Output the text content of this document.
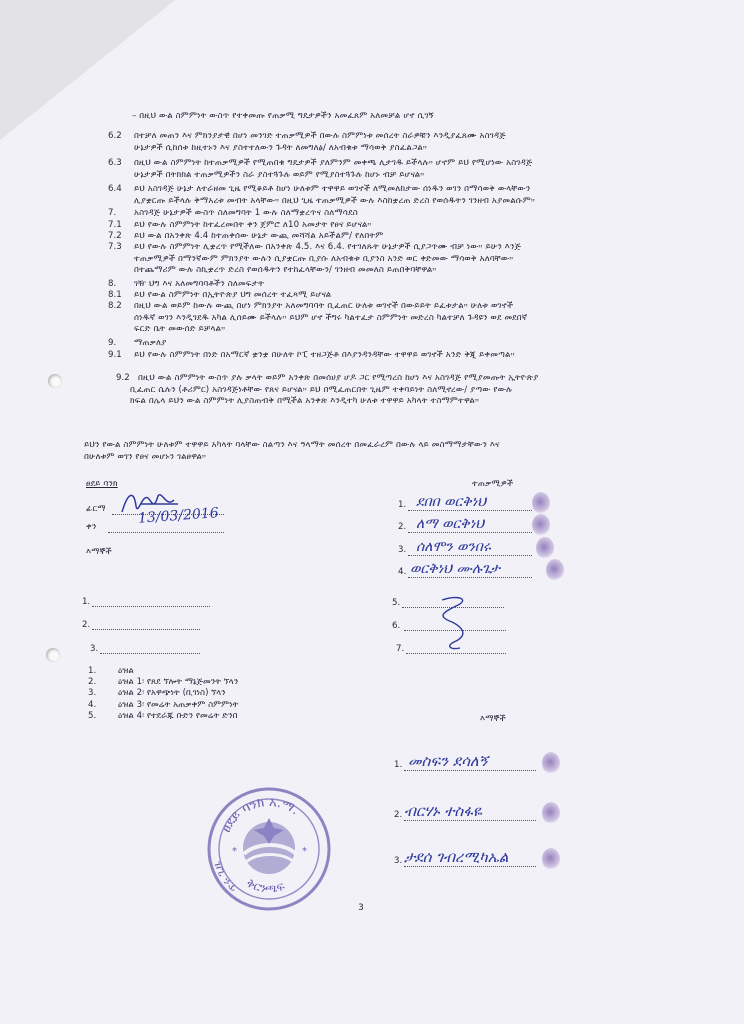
– በዚህ ውል ስምምነት ውስጥ የተቀመጡ የጠቃሚ ግዴታዎችን አመፈጸም አለመቻል ሆኖ ሲገኝ
6.2 በተቻለ መጠን እና ምክንያታዊ በሆነ መንገድ ተጠቃሚዎች በውሉ ስምምነቱ መሰረት ስራዎቹን እንዲያፈጸሙ አስገዳጅ
ሁኔታዎች ሲከሰቱ ከዚተኑን እና ያስተተለውን ጉዳት ለመግለፅ/ ለአብቁቱ ማሳወቅ ያስፈልጋል።
6.3 በዚህ ውል ስምምነት ከተጠቃሚዎች የሚጠበቁ ግዴታዎች ያለምንም መቀጫ ሊታገዱ ይችላሉ። ሆኖም ይህ የሚሆነው አስገዳጅ
ሁኔታዎች በትክክል ተጠቃሚዎችን ስራ ያስተጓጉሉ ወይም የሚያስተጓጉሉ ከሆኑ ብቻ ይሆናል።
6.4 ይህ አስገዳጅ ሁኔታ ለተራዘመ ጊዜ የሚቆይቶ ከሆነ ሁለቱም ተዋዋይ ወገኖች ለሚመለከታው ሰነዱን ወገን በማሳወቅ ውላቸውን
ሊያቋርጡ ይችላሉ ቅማአረቱ መብት አላቸው። በዚህ ጊዜ ተጠቃሚዎች ውሉ እስከቋረጠ ድረስ የወሰዱትን ገንዘብ አያመልሱም።
7. አስገዳጅ ሁኔታዎች ውስጥ ስለመግባት 1 ውሉ ስለማቋረጥና ስለማሳደስ
7.1 ይህ የውሉ ስምምነት ከተፈረመበት ቀን ጀምሮ ለ10 አመታት የፀና ይሆናል።
7.2 ይህ ውል በአንቀጽ 4.4 ከተጠቀሰው ሁኔታ ውጪ መሻሻል አይችልም/ የለበትም
7.3 ይህ የውሉ ስምምነት ሊቋረጥ የሚችለው በአንቀጽ 4.5. እና 6.4. የተገለጹት ሁኔታዎች ሲያጋጥሙ ብቻ ነው። ይሁን እንጅ
ተጠቃሚዎች በማንኛውም ምክንያት ውሉን ሲያቋርጡ ቢያሱ ለአብቁቱ ቢያንስ አንድ ወር ቀድመው ማሳወቅ አለባቸው።
በተጨማሪም ውሉ ስኪቋረጥ ድረስ የወሰዱትን የተከፈላቸውን/ ገንዘብ መመለስ ይጠበቅባቸዋል።
8. ገዥ ህግ እና አለመግባባቶችን ስለመፍታት
8.1 ይህ የውል ስምምነት በኢትዮጵያ ህግ መሰረት ተፈጻሚ ይሆናል
8.2 በዚህ ውል ወይም ከውሉ ውጪ በሆነ ምክንያት አለመግባባት ቢፈጠር ሁለቱ ወገኖች በውይይት ይፈቱታል። ሁለቱ ወገኖች
ሰነዱኛ ወገን እንዲገደዱ አካል ሊሰይሙ ይችላሉ። ይህም ሆኖ ችግሩ ካልተፈታ ስምምነት መድረስ ካልተቻለ ጉዳዩን ወደ መደበኛ
ፍርድ ቤት መውሰድ ይቻላል።
9. ማጠቃለያ
9.1 ይህ የውሉ ስምምነት በነድ በአማርኛ ቋንቋ በሁለት ኮፒ ተዘጋጅቶ በእያንዳንዳቸው ተዋዋይ ወገኖች አንድ ቅጂ ይቀመጣል።
9.2 በዚህ ውል ስምምነት ውስጥ ያሉ ቃላት ወይም አንቀጽ በመሰሀያ ሆዶ ጋር የሚጣረስ ከሆነ እና አስገዳጅ የሚያመጡት ኢትዮጵያ
ቢፈጠር ሴሉን (ቶሪምር) አስገዳጅነቶቸው የጸና ይሆናል። ይህ በሚፈጠርበት ጊዜም ተቀባይነት ስለሚኖረው/ ያጣው የውሉ
ክፍል በሌላ ይህን ውል ስምምነት ሊያስጠብቅ በሚችል አንቀጽ እንዲተካ ሁለቱ ተዋዋይ አካላት ተስማምተዋል።
ይህን የውል ስምምነት ሁለቱም ተዋዋይ አካላት ባላቸው ስልጣን እና ዓላማት መሰረት በመፈራረም በውሉ ላይ መስማማታቸውን እና
በሁለቱም ወገን የፀና መሆኑን ገልፀዋል።
ፀደይ ባንክ
ፊርማ
ቀን
13/03/2016
እማኞች
1.
2.
3.
ተጠቃሚዎች
1. ደበበ ወርቅነህ
2. ለማ ወርቅነህ
3. ሰለሞን ወንበሩ
4. ወርቅነህ ሙሉጌታ
5.
6.
7.
1.	ዕዝል
2.	ዕዝል 1፡ የጸደ ኘሎት ማኔጅመንት ኘላን
3.	ዕዝል 2፡ የአዋጭነት (ቢገነስ) ኘላን
4.	ዕዝል 3፡ የመሬት አጠቃቀም ስምምነት
5.	ዕዝል 4፡ የተደራጁ ቡድን የመሬት ድንበ	እማኞች
1. መስፍን ደሳለኝ
2. ብርሃኑ ተስፋዬ
3. ታደሰ ገብረሚካኤል
ፀደይ ባንክ አ.ማ.
ቅርንጫፍ
ጥሩ ጊዜ
*	*
3
